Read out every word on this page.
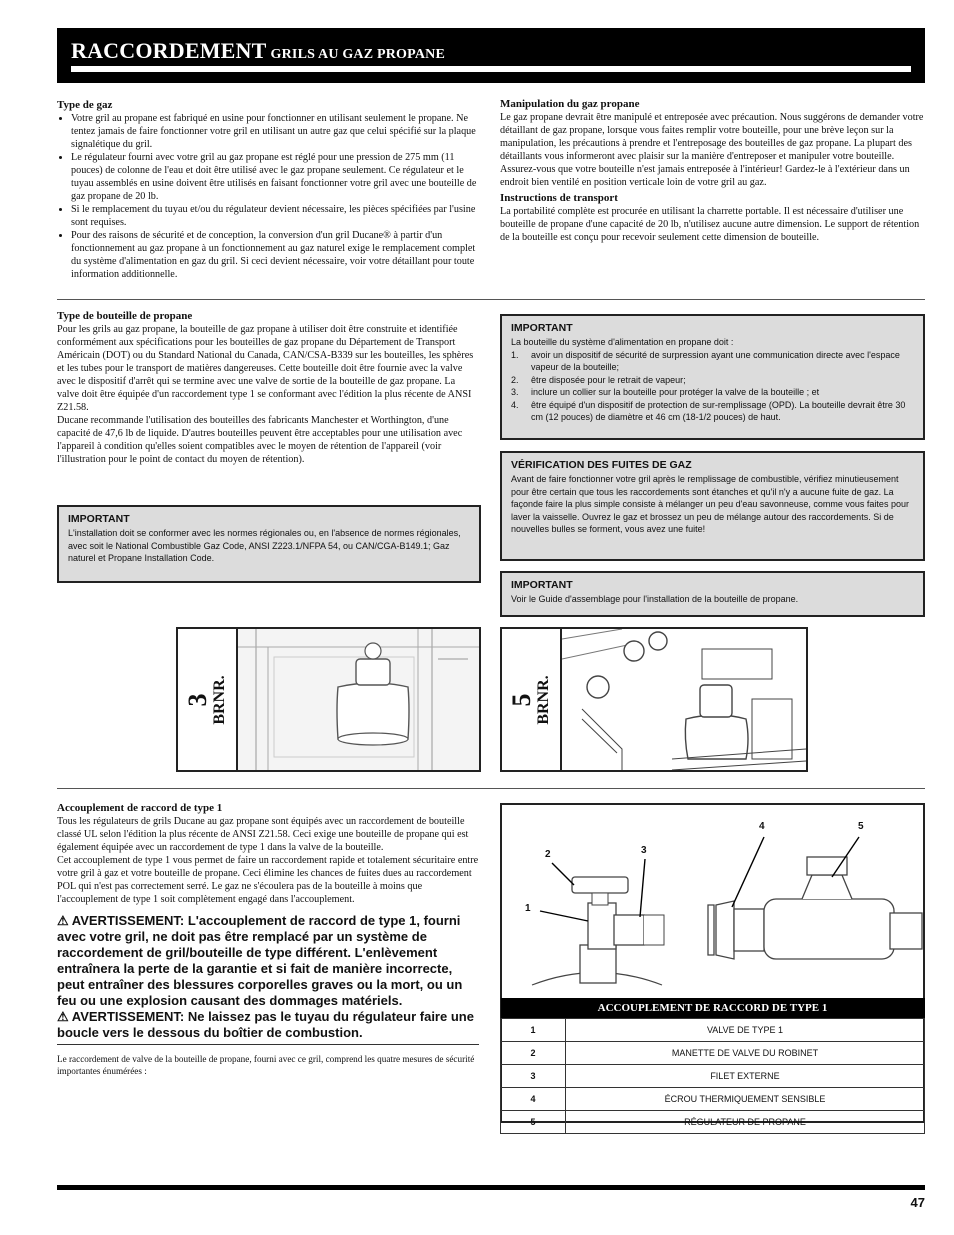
RACCORDEMENT GRILS AU GAZ PROPANE
Type de gaz
• Votre gril au propane est fabriqué en usine pour fonctionner en utilisant seulement le propane. Ne tentez jamais de faire fonctionner votre gril en utilisant un autre gaz que celui spécifié sur la plaque signalétique du gril.
• Le régulateur fourni avec votre gril au gaz propane est réglé pour une pression de 275 mm (11 pouces) de colonne de l'eau et doit être utilisé avec le gaz propane seulement. Ce régulateur et le tuyau assemblés en usine doivent être utilisés en faisant fonctionner votre gril avec une bouteille de gaz propane de 20 lb.
• Si le remplacement du tuyau et/ou du régulateur devient nécessaire, les pièces spécifiées par l'usine sont requises.
• Pour des raisons de sécurité et de conception, la conversion d'un gril Ducane® à partir d'un fonctionnement au gaz propane à un fonctionnement au gaz naturel exige le remplacement complet du système d'alimentation en gaz du gril. Si ceci devient nécessaire, voir votre détaillant pour toute information additionnelle.
Manipulation du gaz propane

Le gaz propane devrait être manipulé et entreposée avec précaution. Nous suggérons de demander votre détaillant de gaz propane, lorsque vous faites remplir votre bouteille, pour une brève leçon sur la manipulation, les précautions à prendre et l'entreposage des bouteilles de gaz propane. La plupart des détaillants vous informeront avec plaisir sur la manière d'entreposer et manipuler votre bouteille. Assurez-vous que votre bouteille n'est jamais entreposée à l'intérieur! Gardez-le à l'extérieur dans un endroit bien ventilé en position verticale loin de votre gril au gaz.

Instructions de transport

La portabilité complète est procurée en utilisant la charrette portable. Il est nécessaire d'utiliser une bouteille de propane d'une capacité de 20 lb, n'utilisez aucune autre dimension. Le support de rétention de la bouteille est conçu pour recevoir seulement cette dimension de bouteille.

Type de bouteille de propane

Pour les grils au gaz propane, la bouteille de gaz propane à utiliser doit être construite et identifiée conformément aux spécifications pour les bouteilles de gaz propane du Département de Transport Américain (DOT) ou du Standard National du Canada, CAN/CSA-B339 sur les bouteilles, les sphères et les tubes pour le transport de matières dangereuses. Cette bouteille doit être fournie avec la valve avec le dispositif d'arrêt qui se termine avec une valve de sortie de la bouteille de gaz propane. La valve doit être équipée d'un raccordement type 1 se conformant avec l'édition la plus récente de ANSI Z21.58.

Ducane recommande l'utilisation des bouteilles des fabricants Manchester et Worthington, d'une capacité de 47,6 lb de liquide. D'autres bouteilles peuvent être acceptables pour une utilisation avec l'appareil à condition qu'elles soient compatibles avec le moyen de rétention de l'appareil (voir l'illustration pour le point de contact du moyen de rétention).

IMPORTANT
L'installation doit se conformer avec les normes régionales ou, en l'absence de normes régionales, avec soit le National Combustible Gaz Code, ANSI Z223.1/NFPA 54, ou CAN/CGA-B149.1; Gaz naturel et Propane Installation Code.
IMPORTANT
La bouteille du système d'alimentation en propane doit :
1. avoir un dispositif de sécurité de surpression ayant une communication directe avec l'espace vapeur de la bouteille;
2. être disposée pour le retrait de vapeur;
3. inclure un collier sur la bouteille pour protéger la valve de la bouteille ; et
4. être équipé d'un dispositif de protection de sur-remplissage (OPD). La bouteille devrait être 30 cm (12 pouces) de diamètre et 46 cm (18-1/2 pouces) de haut.
VÉRIFICATION DES FUITES DE GAZ
Avant de faire fonctionner votre gril après le remplissage de combustible, vérifiez minutieusement pour être certain que tous les raccordements sont étanches et qu'il n'y a aucune fuite de gaz. La façonde faire la plus simple consiste à mélanger un peu d'eau savonneuse, comme vous faites pour laver la vaisselle. Ouvrez le gaz et brossez un peu de mélange autour des raccordements. Si de nouvelles bulles se forment, vous avez une fuite!
IMPORTANT
Voir le Guide d'assemblage pour l'installation de la bouteille de propane.
3 BRNR.	5 BRNR.
Accouplement de raccord de type 1

Tous les régulateurs de grils Ducane au gaz propane sont équipés avec un raccordement de bouteille classé UL selon l'édition la plus récente de ANSI Z21.58. Ceci exige une bouteille de propane qui est également équipée avec un raccordement de type 1 dans la valve de la bouteille.

Cet accouplement de type 1 vous permet de faire un raccordement rapide et totalement sécuritaire entre votre gril à gaz et votre bouteille de propane. Ceci élimine les chances de fuites dues au raccordement POL qui n'est pas correctement serré. Le gaz ne s'écoulera pas de la bouteille à moins que l'accouplement de type 1 soit complètement engagé dans l'accouplement.

⚠ AVERTISSEMENT: L'accouplement de raccord de type 1, fourni avec votre gril, ne doit pas être remplacé par un système de raccordement de gril/bouteille de type différent. L'enlèvement entraînera la perte de la garantie et si fait de manière incorrecte, peut entraîner des blessures corporelles graves ou la mort, ou un feu ou une explosion causant des dommages matériels.
⚠ AVERTISSEMENT: Ne laissez pas le tuyau du régulateur faire une boucle vers le dessous du boîtier de combustion.

Le raccordement de valve de la bouteille de propane, fourni avec ce gril, comprend les quatre mesures de sécurité importantes énumérées :

1
2	3
4	5
ACCOUPLEMENT DE RACCORD DE TYPE 1	
1	VALVE DE TYPE 1
2	MANETTE DE VALVE DU ROBINET
3	FILET EXTERNE
4	ÉCROU THERMIQUEMENT SENSIBLE
5	RÉGULATEUR DE PROPANE
47
